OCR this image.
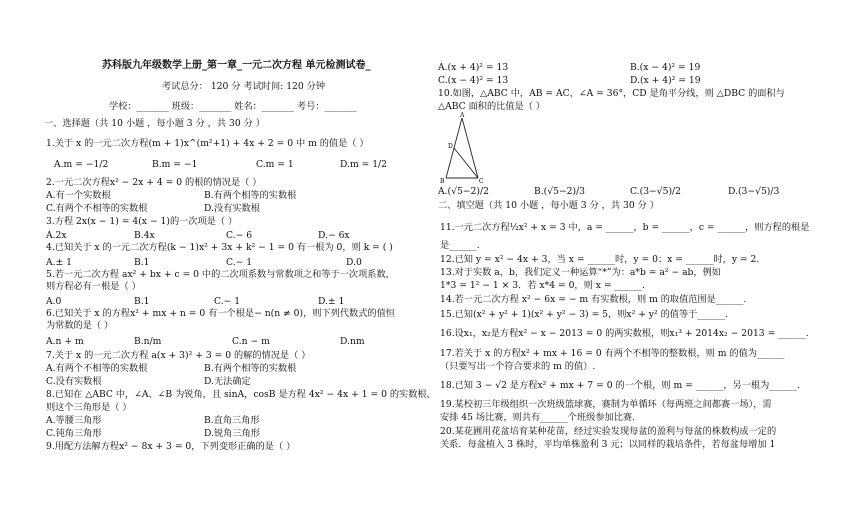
苏科版九年级数学上册_第一章_一元二次方程 单元检测试卷_
考试总分： 120 分 考试时间: 120 分钟
学校：_______ 班级：_______ 姓名：_______ 考号：_______
一、选择题（共 10 小题 ，每小题 3 分 ，共 30 分 ）
1.关于 x 的一元二次方程(m + 1)x^(m²+1) + 4x + 2 = 0 中 m 的值是（ ）
A.m = −1/2	B.m = −1	C.m = 1	D.m = 1/2
2.一元二次方程x² − 2x + 4 = 0 的根的情况是（ ）
A.有一个实数根	B.有两个相等的实数根
C.有两个不相等的实数根	D.没有实数根
3.方程 2x(x − 1) = 4(x − 1)的一次项是（ ）
A.2x	B.4x	C.− 6	D.− 6x
4.已知关于 x 的一元二次方程(k − 1)x² + 3x + k² − 1 = 0 有一根为 0，则 k = ( )
A.± 1	B.1	C.− 1	D.0
5.若一元二次方程 ax² + bx + c = 0 中的二次项系数与常数项之和等于一次项系数，
则方程必有一根是（ ）
A.0	B.1	C.− 1	D.± 1
6.已知关于 x 的方程x² + mx + n = 0 有一个根是− n(n ≠ 0)，则下列代数式的值恒
为常数的是（ ）
A.n + m	B.n/m	C.n − m	D.nm
7.关于 x 的一元二次方程 a(x + 3)² + 3 = 0 的解的情况是（ ）
A.有两个不相等的实数根	B.有两个相等的实数根
C.没有实数根	D.无法确定
8.已知在 △ABC 中，∠A、∠B 为锐角，且 sinA，cosB 是方程 4x² − 4x + 1 = 0 的实数根，
则这个三角形是（ ）
A.等腰三角形	B.直角三角形
C.钝角三角形	D.锐角三角形
9.用配方法解方程x² − 8x + 3 = 0，下列变形正确的是（ ）
A.(x + 4)² = 13	B.(x − 4)² = 19
C.(x − 4)² = 13	D.(x + 4)² = 19
10.如图，△ABC 中，AB = AC，∠A = 36°，CD 是角平分线，则 △DBC 的面积与
△ABC 面积的比值是（ ）
A
B	C
D
A.(√5−2)/2	B.(√5−2)/3	C.(3−√5)/2	D.(3−√5)/3
二、填空题（共 10 小题 ，每小题 3 分 ，共 30 分 ）
11.一元二次方程½x² + x = 3 中，a = ______，b = ______，c = ______，则方程的根是
是______.
12.已知 y = x² − 4x + 3，当 x = ______时，y = 0；x = ______时，y = 2.
13.对于实数 a，b，我们定义一种运算“*”为：a*b = a² − ab，例如
1*3 = 1² − 1 × 3．若 x*4 = 0，则 x = ______.
14.若一元二次方程 x² − 6x = − m 有实数根，则 m 的取值范围是______.
15.已知(x² + y² + 1)(x² + y² − 3) = 5，则x² + y² 的值等于______.
16.设x₁，x₂是方程x² − x − 2013 = 0 的两实数根，则x₁³ + 2014x₂ − 2013 = ______.
17.若关于 x 的方程x² + mx + 16 = 0 有两个不相等的整数根，则 m 的值为______
（只要写出一个符合要求的 m 的值）.
18.已知 3 − √2 是方程x² + mx + 7 = 0 的一个根，则 m = ______，另一根为______.
19.某校初三年级组织一次班级篮球赛，赛制为单循环（每两班之间都赛一场），需
安排 45 场比赛，则共有______个班级参加比赛.
20.某花圃用花盆培育某种花苗，经过实验发现每盆的盈利与每盆的株数构成一定的
关系．每盆植入 3 株时，平均单株盈利 3 元；以同样的栽培条件，若每盆每增加 1
